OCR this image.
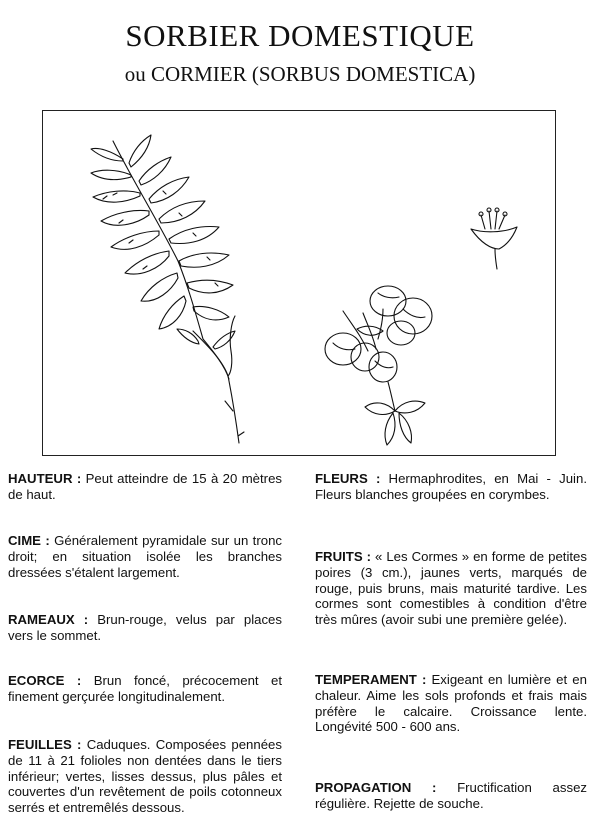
SORBIER DOMESTIQUE
ou CORMIER (SORBUS DOMESTICA)

HAUTEUR : Peut atteindre de 15 à 20 mètres de haut.

CIME : Généralement pyramidale sur un tronc droit; en situation isolée les branches dressées s'étalent largement.

RAMEAUX : Brun-rouge, velus par places vers le sommet.

ECORCE : Brun foncé, précocement et finement gerçurée longitudinalement.

FEUILLES : Caduques. Composées pennées de 11 à 21 folioles non dentées dans le tiers inférieur; vertes, lisses dessus, plus pâles et couvertes d'un revêtement de poils cotonneux serrés et entremêlés dessous.

FLEURS : Hermaphrodites, en Mai - Juin. Fleurs blanches groupées en corymbes.

FRUITS : « Les Cormes » en forme de petites poires (3 cm.), jaunes verts, marqués de rouge, puis bruns, mais maturité tardive. Les cormes sont comestibles à condition d'être très mûres (avoir subi une première gelée).

TEMPERAMENT : Exigeant en lumière et en chaleur. Aime les sols profonds et frais mais préfère le calcaire. Croissance lente. Longévité 500 - 600 ans.

PROPAGATION : Fructification assez régulière. Rejette de souche.
